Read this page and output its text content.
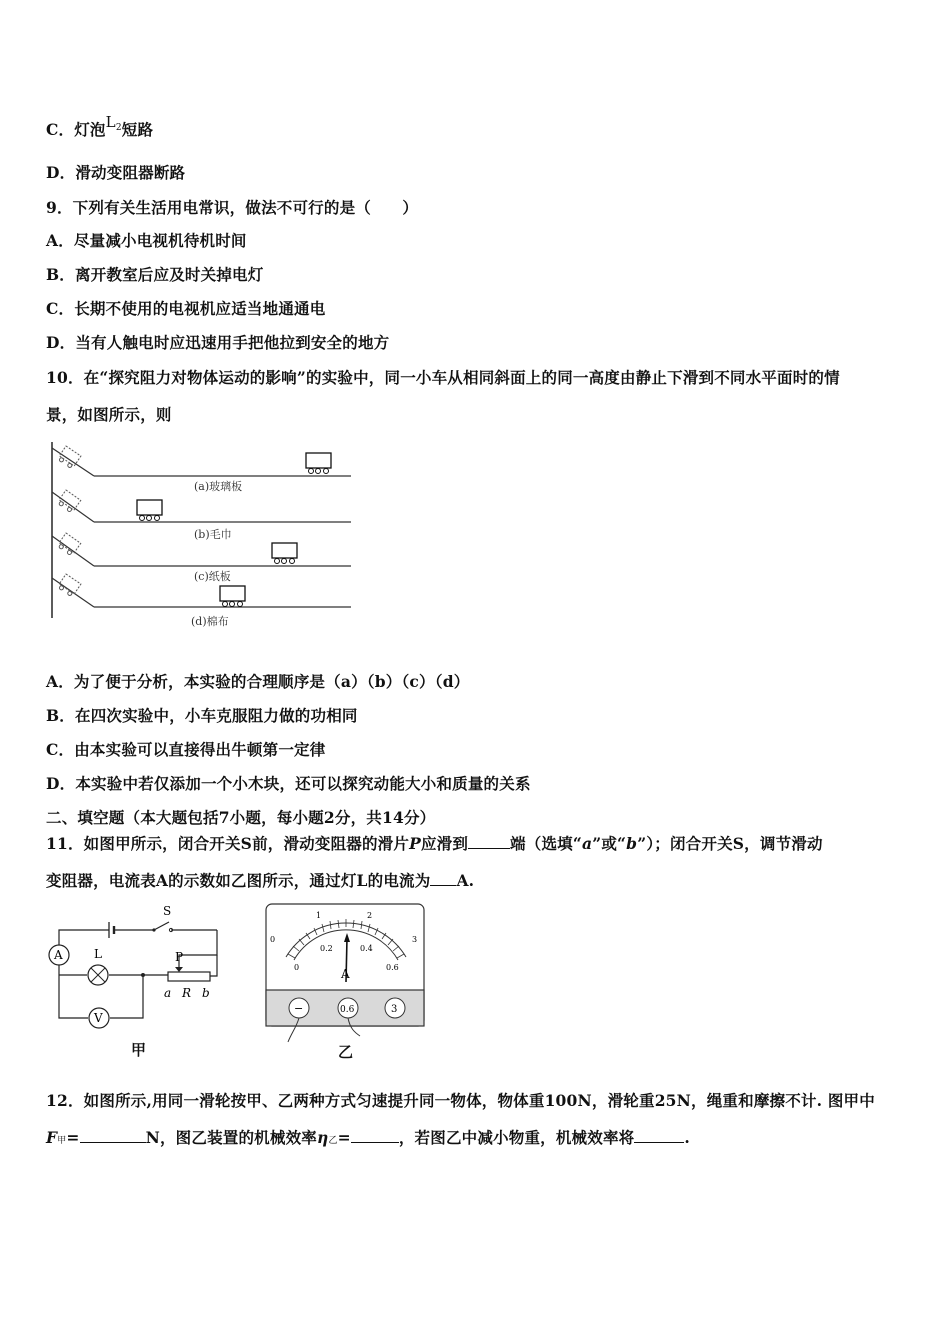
C．灯泡$L_2$短路
D．滑动变阻器断路
9．下列有关生活用电常识，做法不可行的是（　　）
A．尽量减小电视机待机时间
B．离开教室后应及时关掉电灯
C．长期不使用的电视机应适当地通通电
D．当有人触电时应迅速用手把他拉到安全的地方
10．在“探究阻力对物体运动的影响”的实验中，同一小车从相同斜面上的同一高度由静止下滑到不同水平面时的情
景，如图所示，则
(a)玻璃板
(b)毛巾
(c)纸板
(d)棉布
A．为了便于分析，本实验的合理顺序是（a）（b）（c）（d）
B．在四次实验中，小车克服阻力做的功相同
C．由本实验可以直接得出牛顿第一定律
D．本实验中若仅添加一个小木块，还可以探究动能大小和质量的关系
二、填空题（本大题包括7小题，每小题2分，共14分）
11．如图甲所示，闭合开关S前，滑动变阻器的滑片P应滑到	端（选填“a”或“b”）；闭合开关S，调节滑动
变阻器，电流表A的示数如乙图所示，通过灯L的电流为 A.
A	L
V
S
P
a R b
甲
0
1	2
3
0
0.2	0.4
0.6
A
−	0.6	3
乙
12．如图所示,用同一滑轮按甲、乙两种方式匀速提升同一物体，物体重100N，滑轮重25N，绳重和摩擦不计. 图甲中
F甲=	N，图乙装置的机械效率η乙=	，若图乙中减小物重，机械效率将	.
